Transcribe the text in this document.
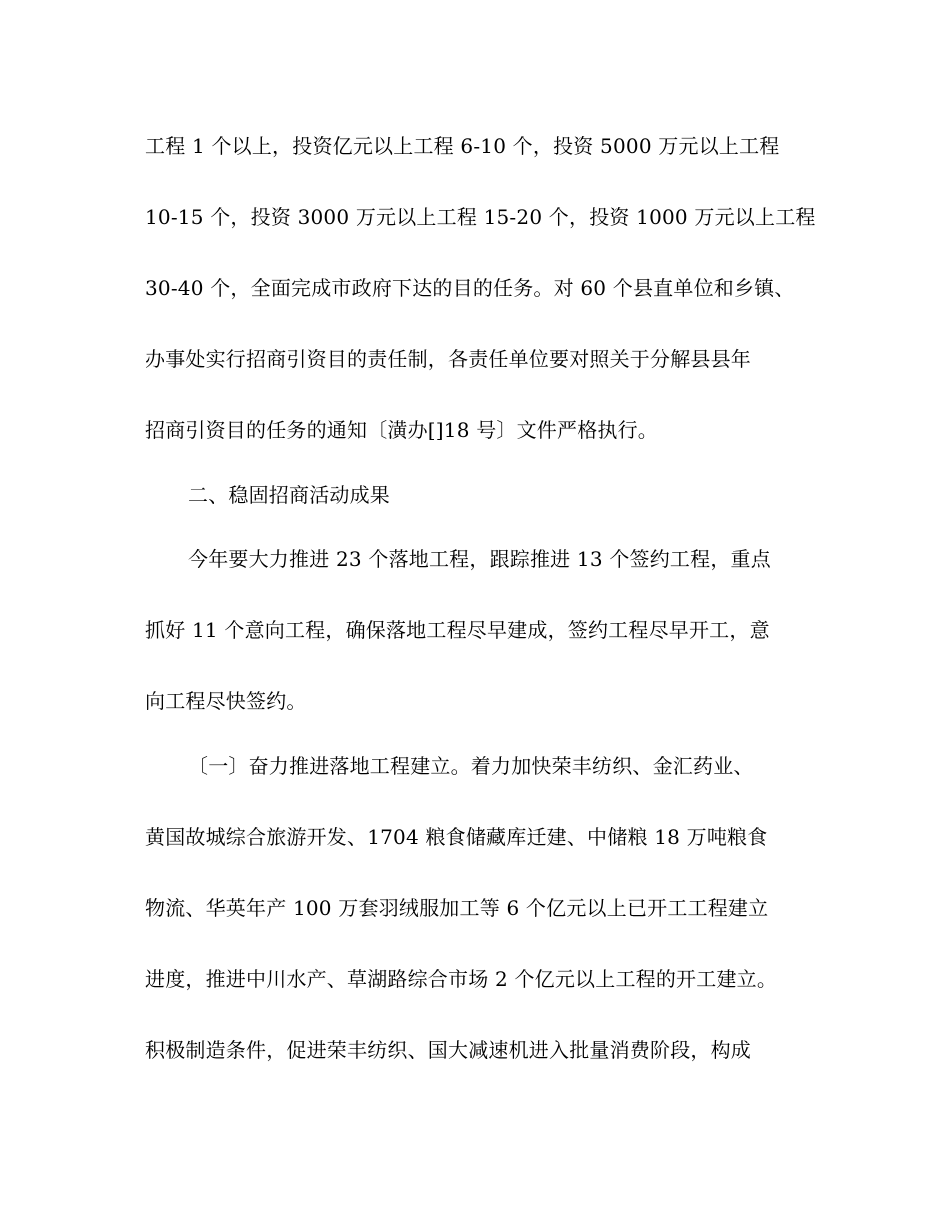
工程 1 个以上，投资亿元以上工程 6-10 个，投资 5000 万元以上工程
10-15 个，投资 3000 万元以上工程 15-20 个，投资 1000 万元以上工程
30-40 个，全面完成市政府下达的目的任务。对 60 个县直单位和乡镇、
办事处实行招商引资目的责任制，各责任单位要对照关于分解县县年
招商引资目的任务的通知〔潢办[]18 号〕文件严格执行。
二、稳固招商活动成果
今年要大力推进 23 个落地工程，跟踪推进 13 个签约工程，重点
抓好 11 个意向工程，确保落地工程尽早建成，签约工程尽早开工，意
向工程尽快签约。
〔一〕奋力推进落地工程建立。着力加快荣丰纺织、金汇药业、
黄国故城综合旅游开发、1704 粮食储藏库迁建、中储粮 18 万吨粮食
物流、华英年产 100 万套羽绒服加工等 6 个亿元以上已开工工程建立
进度，推进中川水产、草湖路综合市场 2 个亿元以上工程的开工建立。
积极制造条件，促进荣丰纺织、国大减速机进入批量消费阶段，构成
